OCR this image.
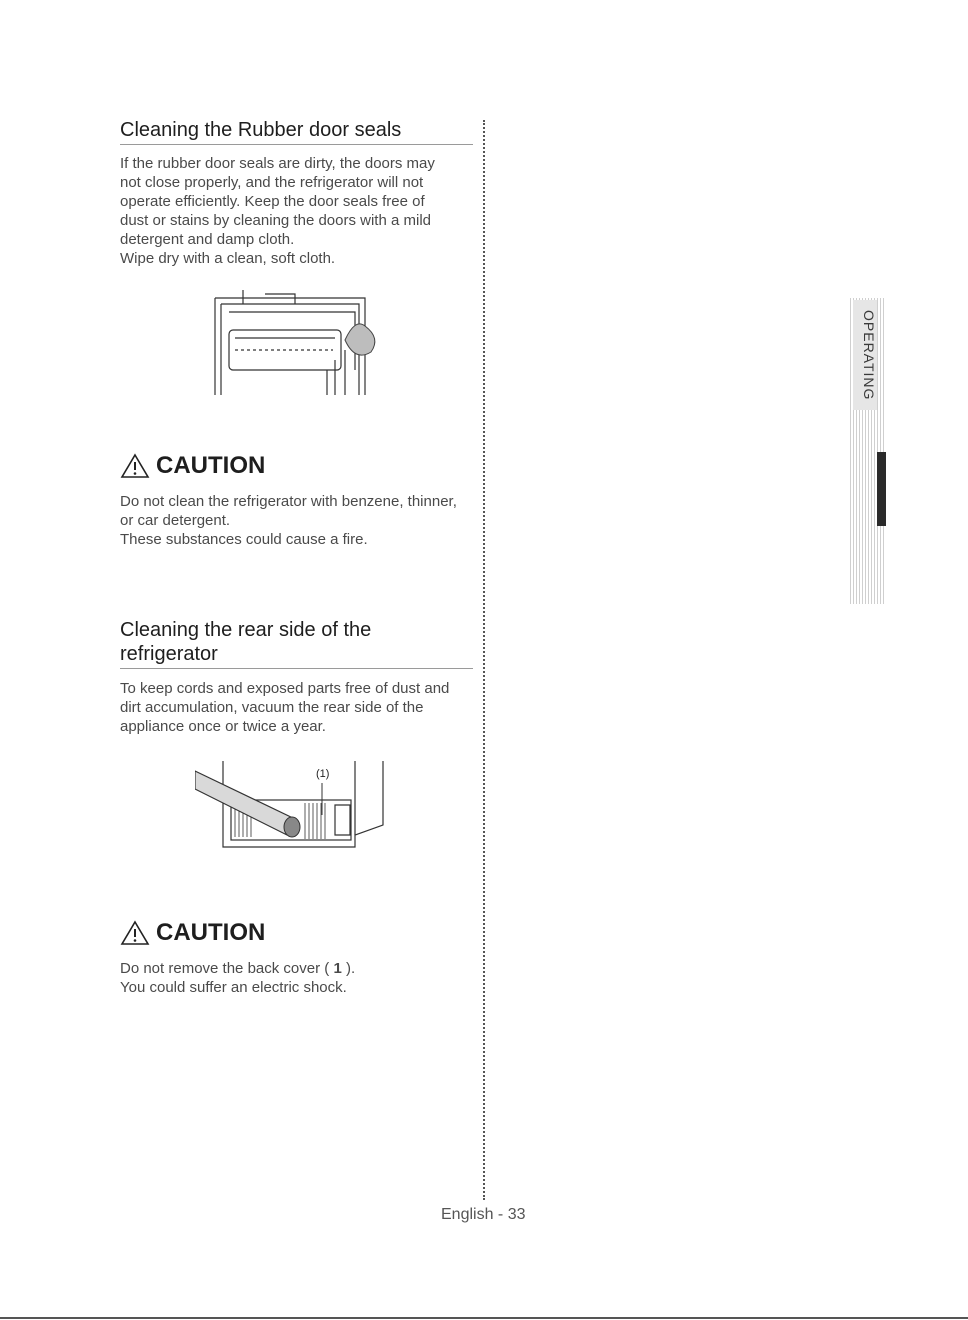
Cleaning the Rubber door seals

If the rubber door seals are dirty, the doors may
not close properly, and the refrigerator will not
operate efficiently. Keep the door seals free of
dust or stains by cleaning the doors with a mild
detergent and damp cloth.
Wipe dry with a clean, soft cloth.

CAUTION

Do not clean the refrigerator with benzene, thinner,
or car detergent.
These substances could cause a fire.

Cleaning the rear side of the refrigerator

To keep cords and exposed parts free of dust and
dirt accumulation, vacuum the rear side of the
appliance once or twice a year.

(1)
CAUTION

Do not remove the back cover ( 1 ).

You could suffer an electric shock.

OPERATING
English - 33
